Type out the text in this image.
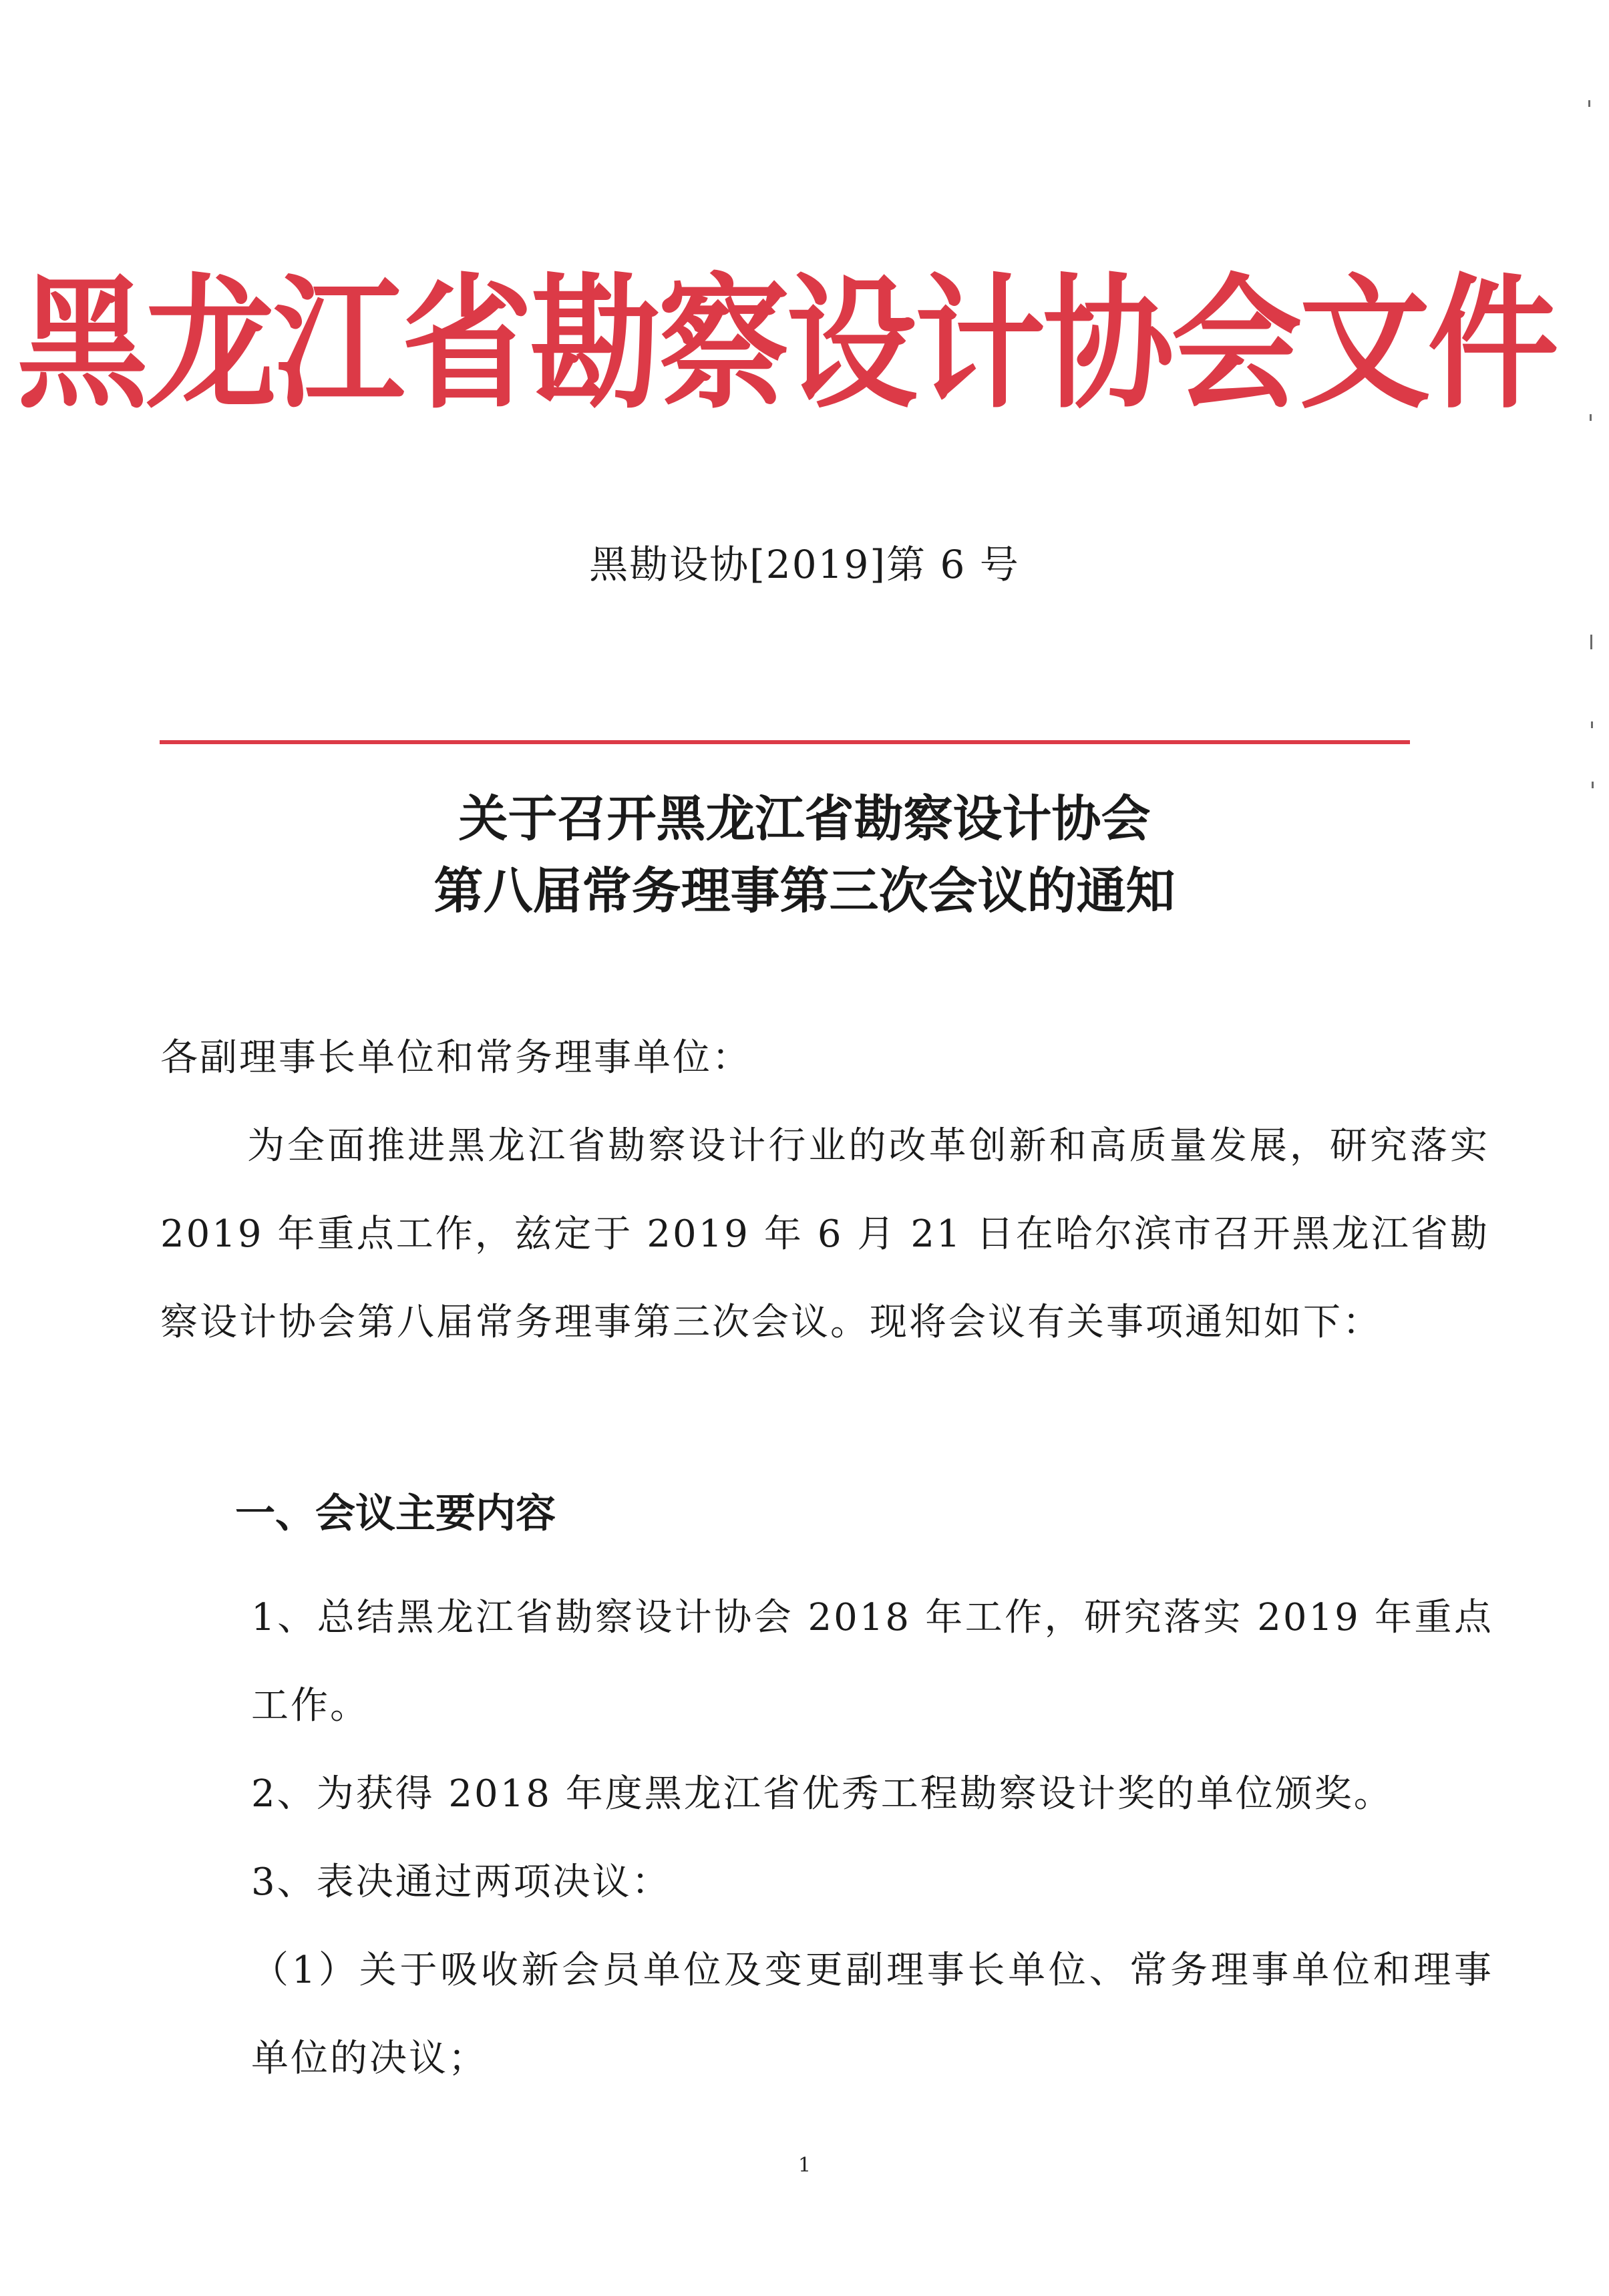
黑龙江省勘察设计协会文件
黑勘设协[2019]第 6 号
关于召开黑龙江省勘察设计协会
第八届常务理事第三次会议的通知
各副理事长单位和常务理事单位：
为全面推进黑龙江省勘察设计行业的改革创新和高质量发展，研究落实 2019 年重点工作，兹定于 2019 年 6 月 21 日在哈尔滨市召开黑龙江省勘察设计协会第八届常务理事第三次会议。现将会议有关事项通知如下：
一、会议主要内容
1、总结黑龙江省勘察设计协会 2018 年工作，研究落实 2019 年重点工作。
2、为获得 2018 年度黑龙江省优秀工程勘察设计奖的单位颁奖。
3、表决通过两项决议：
（1）关于吸收新会员单位及变更副理事长单位、常务理事单位和理事单位的决议；
1
